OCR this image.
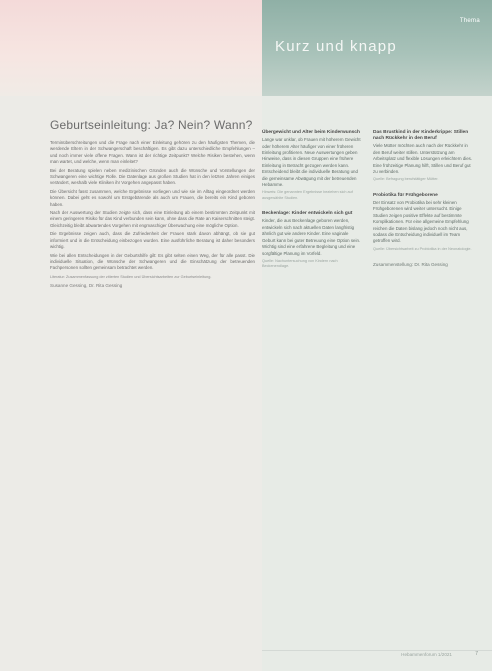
Thema
Kurz und knapp
Geburtseinleitung: Ja? Nein? Wann?

Terminüberschreitungen und die Frage nach einer Einleitung gehören zu den häufigsten Themen, die werdende Eltern in der Schwangerschaft beschäftigen. Es gibt dazu unterschiedliche Empfehlungen – und noch immer viele offene Fragen. Wann ist der richtige Zeitpunkt? Welche Risiken bestehen, wenn man wartet, und welche, wenn man einleitet?

Bei der Beratung spielen neben medizinischen Gründen auch die Wünsche und Vorstellungen der Schwangeren eine wichtige Rolle. Die Datenlage aus großen Studien hat in den letzten Jahren einiges verändert, weshalb viele Kliniken ihr Vorgehen angepasst haben.

Die Übersicht fasst zusammen, welche Ergebnisse vorliegen und wie sie im Alltag eingeordnet werden können. Dabei geht es sowohl um Erstgebärende als auch um Frauen, die bereits ein Kind geboren haben.

Nach der Auswertung der Studien zeigte sich, dass eine Einleitung ab einem bestimmten Zeitpunkt mit einem geringeren Risiko für das Kind verbunden sein kann, ohne dass die Rate an Kaiserschnitten steigt. Gleichzeitig bleibt abwartendes Vorgehen mit engmaschiger Überwachung eine mögliche Option.

Die Ergebnisse zeigen auch, dass die Zufriedenheit der Frauen stark davon abhängt, ob sie gut informiert und in die Entscheidung einbezogen wurden. Eine ausführliche Beratung ist daher besonders wichtig.

Wie bei allen Entscheidungen in der Geburtshilfe gilt: Es gibt selten einen Weg, der für alle passt. Die individuelle Situation, die Wünsche der Schwangeren und die Einschätzung der betreuenden Fachpersonen sollten gemeinsam betrachtet werden.

Literatur: Zusammenfassung der zitierten Studien und Übersichtsarbeiten zur Geburtseinleitung.

Susanne Gessing, Dr. Rita Gessing

Übergewicht und Alter beim Kinderwunsch
Lange war unklar, ob Frauen mit höherem Gewicht oder höherem Alter häufiger von einer früheren Einleitung profitieren. Neue Auswertungen geben Hinweise, dass in diesen Gruppen eine frühere Einleitung in Betracht gezogen werden kann. Entscheidend bleibt die individuelle Beratung und die gemeinsame Abwägung mit der betreuenden Hebamme.
Hinweis: Die genannten Ergebnisse beziehen sich auf ausgewählte Studien.
Beckenlage: Kinder entwickeln sich gut
Kinder, die aus Beckenlage geboren werden, entwickeln sich nach aktuellen Daten langfristig ähnlich gut wie andere Kinder. Eine vaginale Geburt kann bei guter Betreuung eine Option sein. Wichtig sind eine erfahrene Begleitung und eine sorgfältige Planung im Vorfeld.
Quelle: Nachuntersuchung von Kindern nach Beckenendlage.
Das Brustkind in der Kinderkrippe: Stillen nach Rückkehr in den Beruf
Viele Mütter möchten auch nach der Rückkehr in den Beruf weiter stillen. Unterstützung am Arbeitsplatz und flexible Lösungen erleichtern dies. Eine frühzeitige Planung hilft, Stillen und Beruf gut zu verbinden.
Quelle: Befragung berufstätiger Mütter.
Probiotika für Frühgeborene
Der Einsatz von Probiotika bei sehr kleinen Frühgeborenen wird weiter untersucht. Einige Studien zeigen positive Effekte auf bestimmte Komplikationen. Für eine allgemeine Empfehlung reichen die Daten bislang jedoch noch nicht aus, sodass die Entscheidung individuell im Team getroffen wird.
Quelle: Übersichtsarbeit zu Probiotika in der Neonatologie.
Zusammenstellung: Dr. Rita Gessing
Hebammenforum 1/2021	7
